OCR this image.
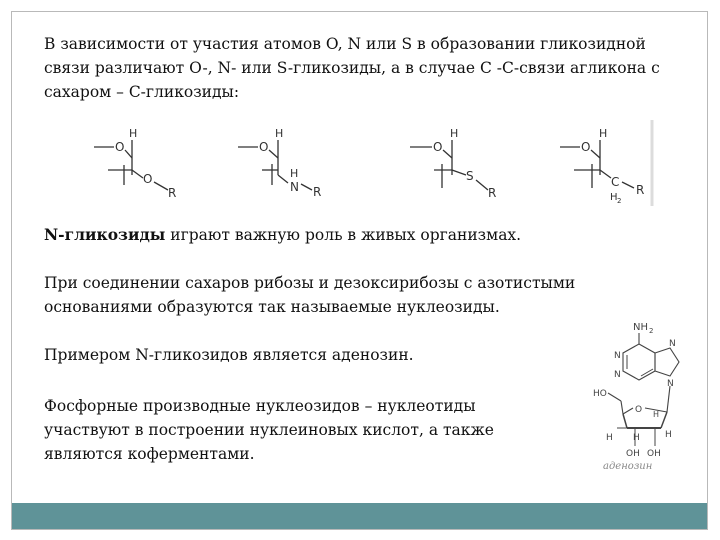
В зависимости от участия атомов O, N или S в образовании гликозидной связи различают O-, N- или S-гликозиды, а в случае C -C-связи агликона с сахаром – C-гликозиды:

O
H
O
R
O
H
H
N R
O
H
S
R
O
H
C
H 2
R

N-гликозиды играют важную роль в живых организмах.

При соединении сахаров рибозы и дезоксирибозы с азотистыми основаниями образуются так называемые нуклеозиды.

Примером N-гликозидов является аденозин.

Фосфорные производные нуклеозидов – нуклеотиды участвуют в построении нуклеиновых кислот, а также являются коферментами.

NH 2
N
N
N
N
HO
O
H
H
H
H
OH OH
аденозин
